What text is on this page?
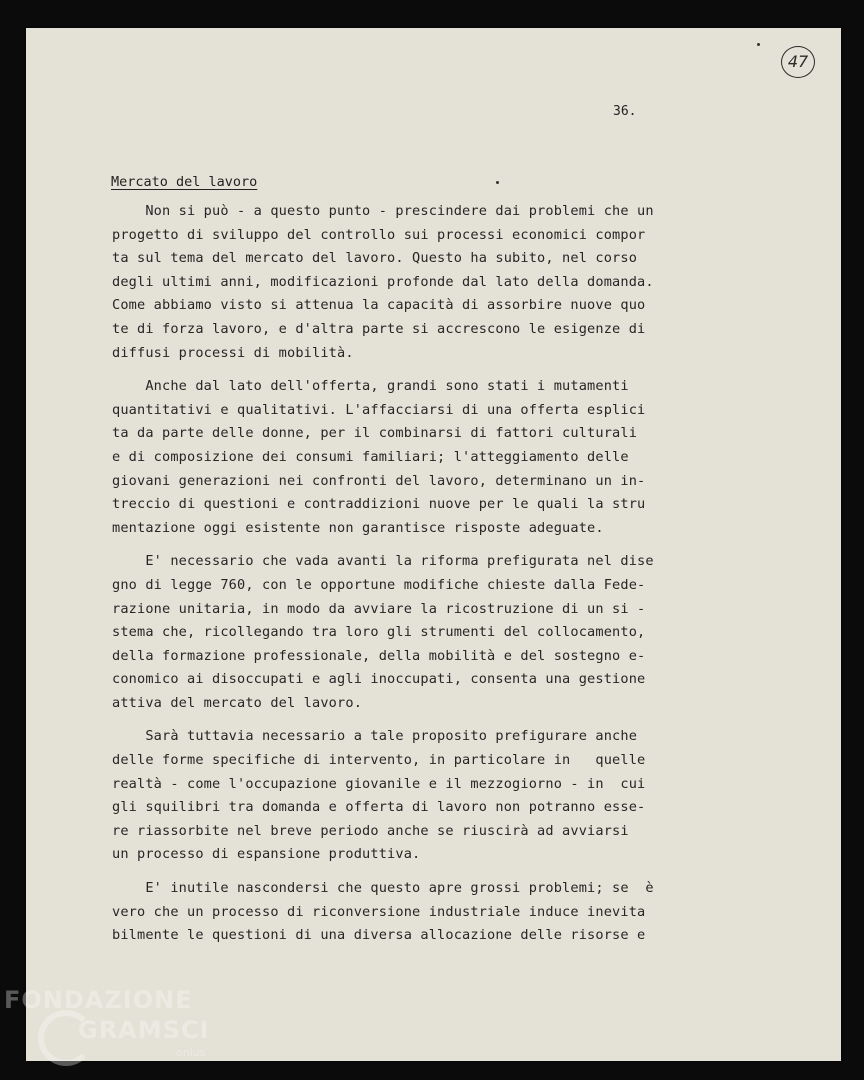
47
36.
Mercato del lavoro
Non si può - a questo punto - prescindere dai problemi che un
progetto di sviluppo del controllo sui processi economici compor
ta sul tema del mercato del lavoro. Questo ha subito, nel corso
degli ultimi anni, modificazioni profonde dal lato della domanda.
Come abbiamo visto si attenua la capacità di assorbire nuove quo
te di forza lavoro, e d'altra parte si accrescono le esigenze di
diffusi processi di mobilità.
Anche dal lato dell'offerta, grandi sono stati i mutamenti
quantitativi e qualitativi. L'affacciarsi di una offerta esplici
ta da parte delle donne, per il combinarsi di fattori culturali
e di composizione dei consumi familiari; l'atteggiamento delle
giovani generazioni nei confronti del lavoro, determinano un in-
treccio di questioni e contraddizioni nuove per le quali la stru
mentazione oggi esistente non garantisce risposte adeguate.
E' necessario che vada avanti la riforma prefigurata nel dise
gno di legge 760, con le opportune modifiche chieste dalla Fede-
razione unitaria, in modo da avviare la ricostruzione di un si -
stema che, ricollegando tra loro gli strumenti del collocamento,
della formazione professionale, della mobilità e del sostegno e-
conomico ai disoccupati e agli inoccupati, consenta una gestione
attiva del mercato del lavoro.
Sarà tuttavia necessario a tale proposito prefigurare anche
delle forme specifiche di intervento, in particolare in   quelle
realtà - come l'occupazione giovanile e il mezzogiorno - in  cui
gli squilibri tra domanda e offerta di lavoro non potranno esse-
re riassorbite nel breve periodo anche se riuscirà ad avviarsi
un processo di espansione produttiva.
E' inutile nascondersi che questo apre grossi problemi; se  è
vero che un processo di riconversione industriale induce inevita
bilmente le questioni di una diversa allocazione delle risorse e
FONDAZIONE
GRAMSCI
onlus
